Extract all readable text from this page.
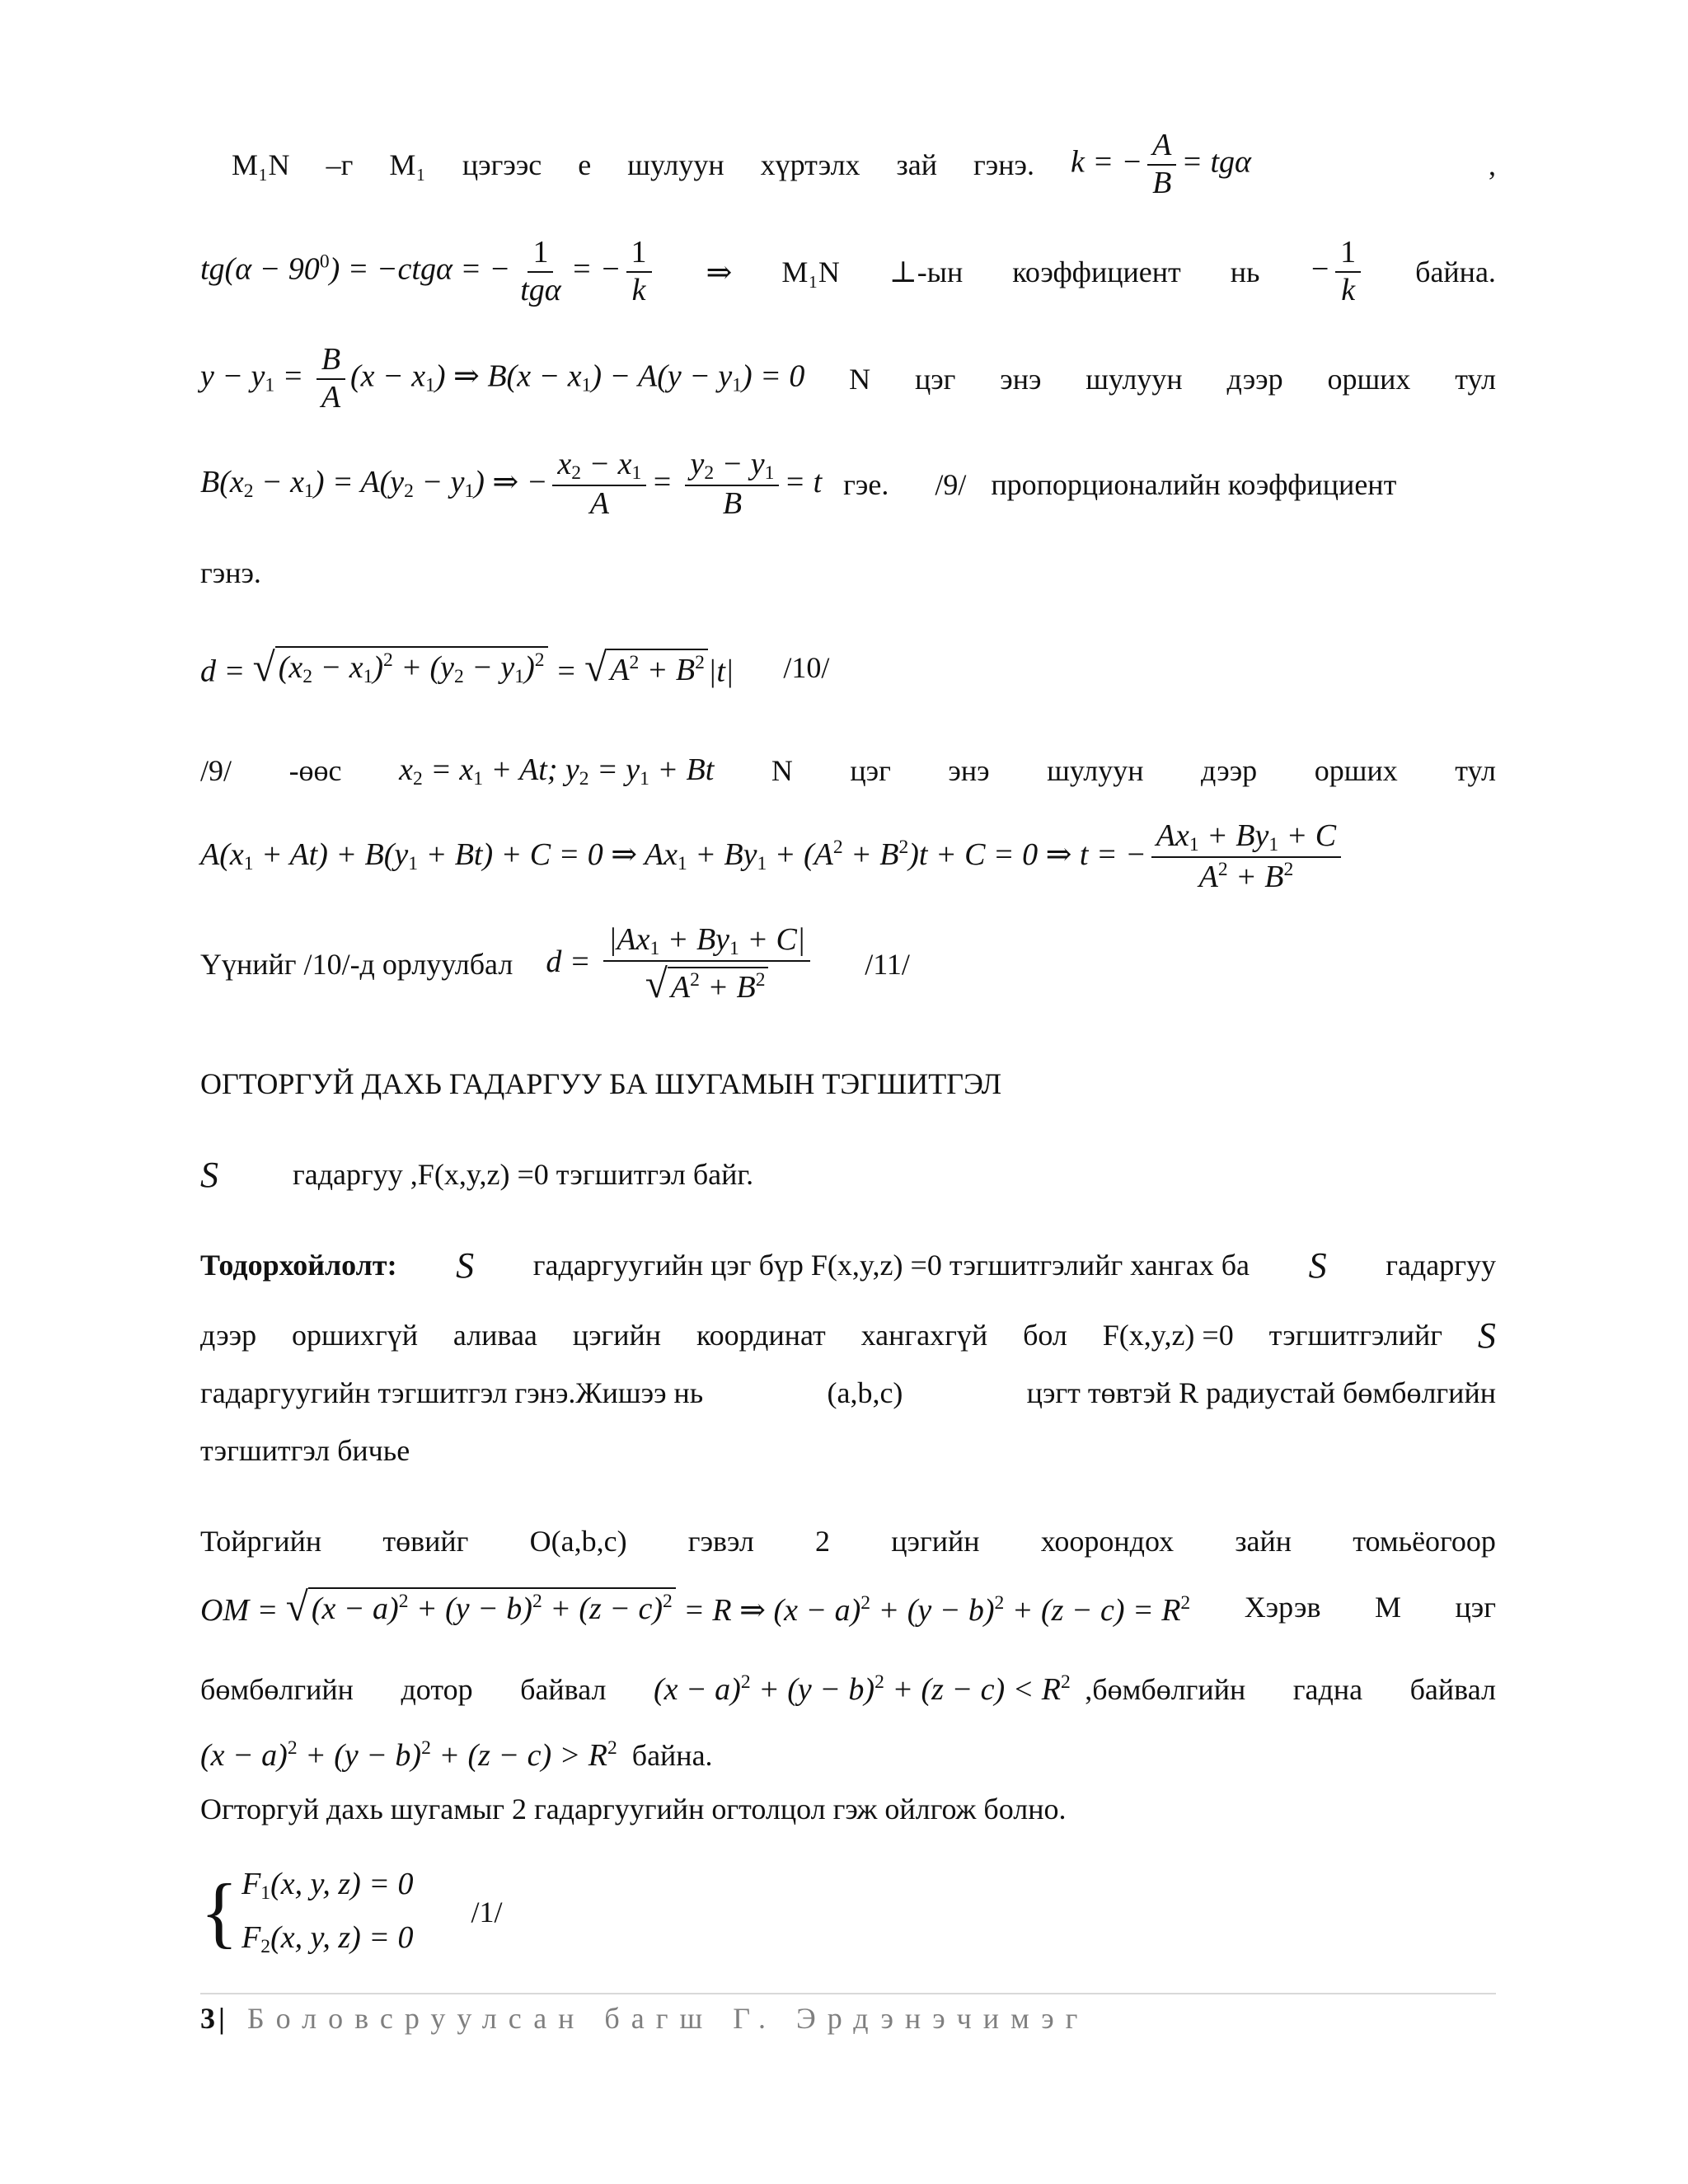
M₁N –г M₁ цэгээс е шулуун хүртэлх зай гэнэ. k = − $\frac{A}{B} = tg\alpha$	,
$tg(\alpha - 90^0) = -ctg\alpha$ = − $\frac{1}{\text{tgα}}$ = − $\frac{1}{k}$ ⇒ M₁N ⊥-ын коэффициент нь − $\frac{1}{k}$ байна.
$y - y_1 = \frac{B}{A} (x - x_1)$ ⇒ $B(x - x_1) - A(y - y_1) = 0$ N цэг энэ шулуун дээр орших тул
$B(x_2 - x_1) = A(y_2 - y_1)$ ⇒ − $\frac{x_2 - x_1}{A} = \frac{y_2 - y_1}{B} = t$ гэе. /9/ пропорционалийн коэффициент
гэнэ.
d = √ $(x_2 - x_1)^2 + (y_2 - y_1)^2$ = √ $A^2 + B^2$ |t| /10/
/9/ -өөс $x_2 = x_1 + At$; $y_2 = y_1 + Bt$ N цэг энэ шулуун дээр орших тул
$A(x_1 + At) + B(y_1 + Bt) + C = 0$ ⇒ $Ax_1 + By_1 + (A^2 + B^2)t + C = 0$ ⇒ t = − $\frac{Ax_1 + By_1 + C}{A^2 + B^2}$
Үүнийг /10/-д орлуулбал $d = \frac{|Ax_1 + By_1 + C|}{√ A^2 + B^2} /11/$
ОГТОРГУЙ ДАХЬ ГАДАРГУУ БА ШУГАМЫН ТЭГШИТГЭЛ
S	гадаргуу ,F(x,y,z) =0 тэгшитгэл байг.
Тодорхойлолт: S гадаргуугийн цэг бүр F(x,y,z) =0 тэгшитгэлийг хангах ба S гадаргуу
дээр оршихгүй аливаа цэгийн координат хангахгүй бол F(x,y,z) =0 тэгшитгэлийг S
гадаргуугийн тэгшитгэл гэнэ.Жишээ нь	(a,b,c)	цэгт төвтэй R радиустай бөмбөлгийн
тэгшитгэл бичье
Тойргийн төвийг O(a,b,c) гэвэл 2 цэгийн хоорондох зайн томьёогоор
OM = √ $(x - a)^2 + (y - b)^2 + (z - c)^2 = R$ ⇒ $(x - a)^2 + (y - b)^2 + (z - c) = R^2$ Хэрэв M цэг
бөмбөлгийн дотор байвал $(x - a)^2 + (y - b)^2 + (z - c) < R^2$ ,бөмбөлгийн гадна байвал
$(x - a)^2 + (y - b)^2 + (z - c) > R^2$ байна.
Огторгуй дахь шугамыг 2 гадаргуугийн огтолцол гэж ойлгож болно.
{ $F_1(x$, y, z) = 0
$F_2(x$, y, z) = 0
/1/
3| Боловсруулсан багш Г. Эрдэнэчимэг
